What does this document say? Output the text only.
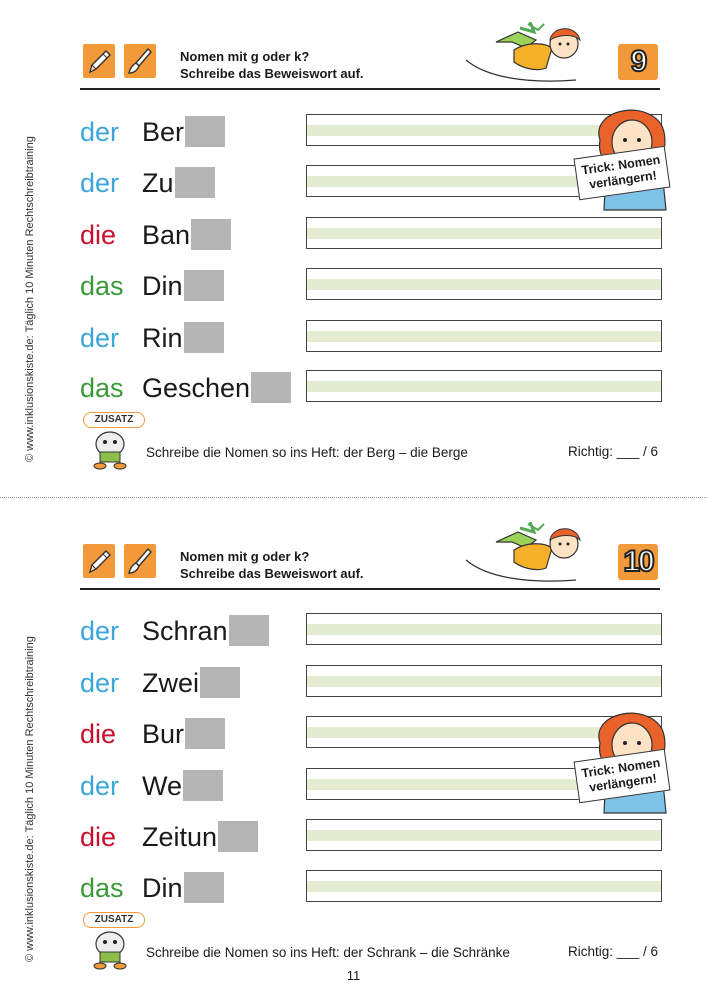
© www.inklusionskiste.de: Täglich 10 Minuten Rechtschreibtraining
© www.inklusionskiste.de: Täglich 10 Minuten Rechtschreibtraining
Nomen mit g oder k?
Schreibe das Beweiswort auf.	9
der Ber
der Zu
die Ban
das Din
der Rin
das Geschen
Trick: Nomen verlängern!
ZUSATZ
Schreibe die Nomen so ins Heft: der Berg – die Berge	Richtig: ___ / 6
Nomen mit g oder k?
Schreibe das Beweiswort auf.	10
der Schran
der Zwei
die Bur
der We
die Zeitun
das Din
Trick: Nomen verlängern!
ZUSATZ
Schreibe die Nomen so ins Heft: der Schrank – die Schränke	Richtig: ___ / 6
11
